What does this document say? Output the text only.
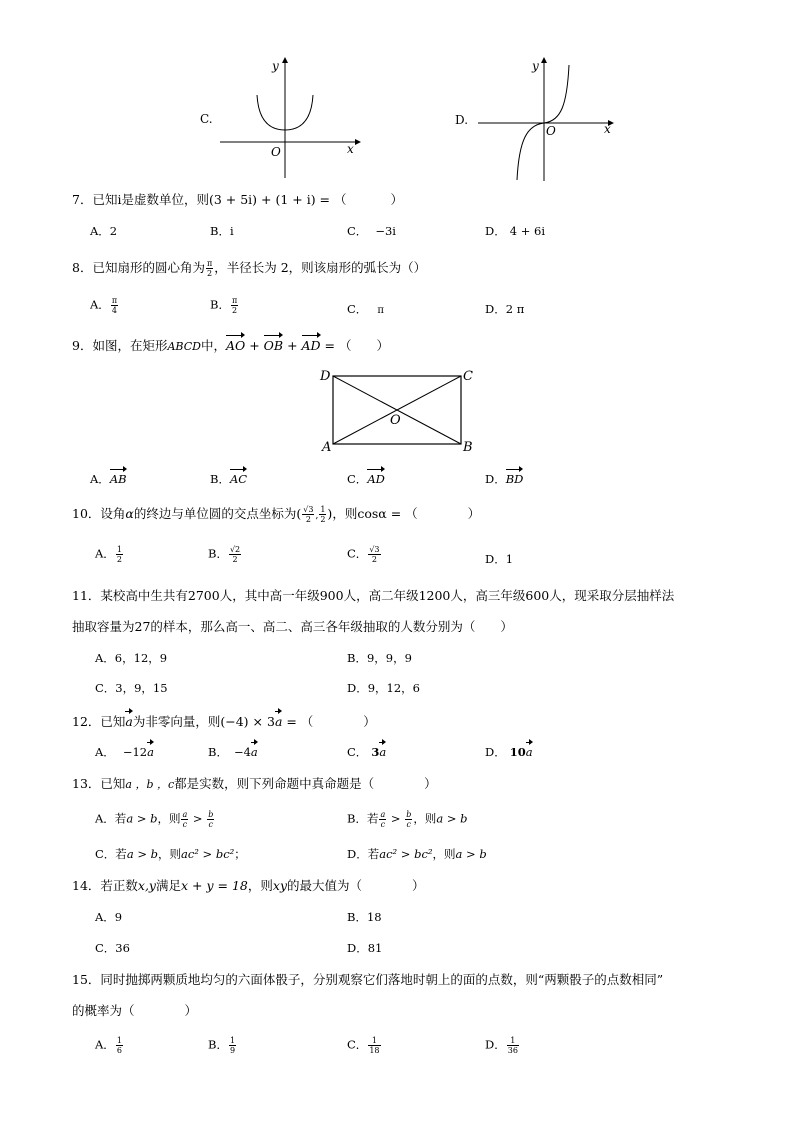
C.
x
y
O
D.
x
y
O
7．已知i是虚数单位，则(3 + 5i) + (1 + i) = （	）
A．2	B．i	C． −3i	D． 4 + 6i
8．已知扇形的圆心角为 $\frac{\pi}{2}$ ，半径长为 2，则该扇形的弧长为（）
A． $\frac{\pi}{4}$	B． $\frac{\pi}{2}$	C． π	D．2 π
9．如图，在矩形ABCD中，AO + OB + AD = （　　）
D	C
A	B
O
A．AB	B．AC	C．AD	D．BD
10．设角α的终边与单位圆的交点坐标为( $\frac{√3}{2}$ , $\frac{1}{2}$ )，则cosα = （　　　　）
A． $\frac{1}{2}$	B． $\frac{√2}{2}$	C． $\frac{√3}{2}$	D．1
11．某校高中生共有2700人，其中高一年级900人，高二年级1200人，高三年级600人，现采取分层抽样法
抽取容量为27的样本，那么高一、高二、高三各年级抽取的人数分别为（　　）
A．6，12，9	B．9，9，9
C．3，9，15	D．9，12，6
12．已知a为非零向量，则(−4) × 3a = （　　　　）
A． −12a	B． −4a	C． 3a	D． 10a
13．已知a ，b ，c都是实数，则下列命题中真命题是（　　　　）
A．若a > b，则 $\frac{a}{c} > \frac{b}{c}$	B．若 $\frac{a}{c} > \frac{b}{c}$ ，则a > b
C．若a > b，则ac² > bc²；	D．若ac² > bc²，则a > b
14．若正数x,y满足x + y = 18，则xy的最大值为（　　　　）
A．9	B．18
C．36	D．81
15．同时抛掷两颗质地均匀的六面体骰子，分别观察它们落地时朝上的面的点数，则“两颗骰子的点数相同”
的概率为（　　　　）
A． $\frac{1}{6}$	B． $\frac{1}{9}$	C． $\frac{1}{18}$	D． $\frac{1}{36}$
